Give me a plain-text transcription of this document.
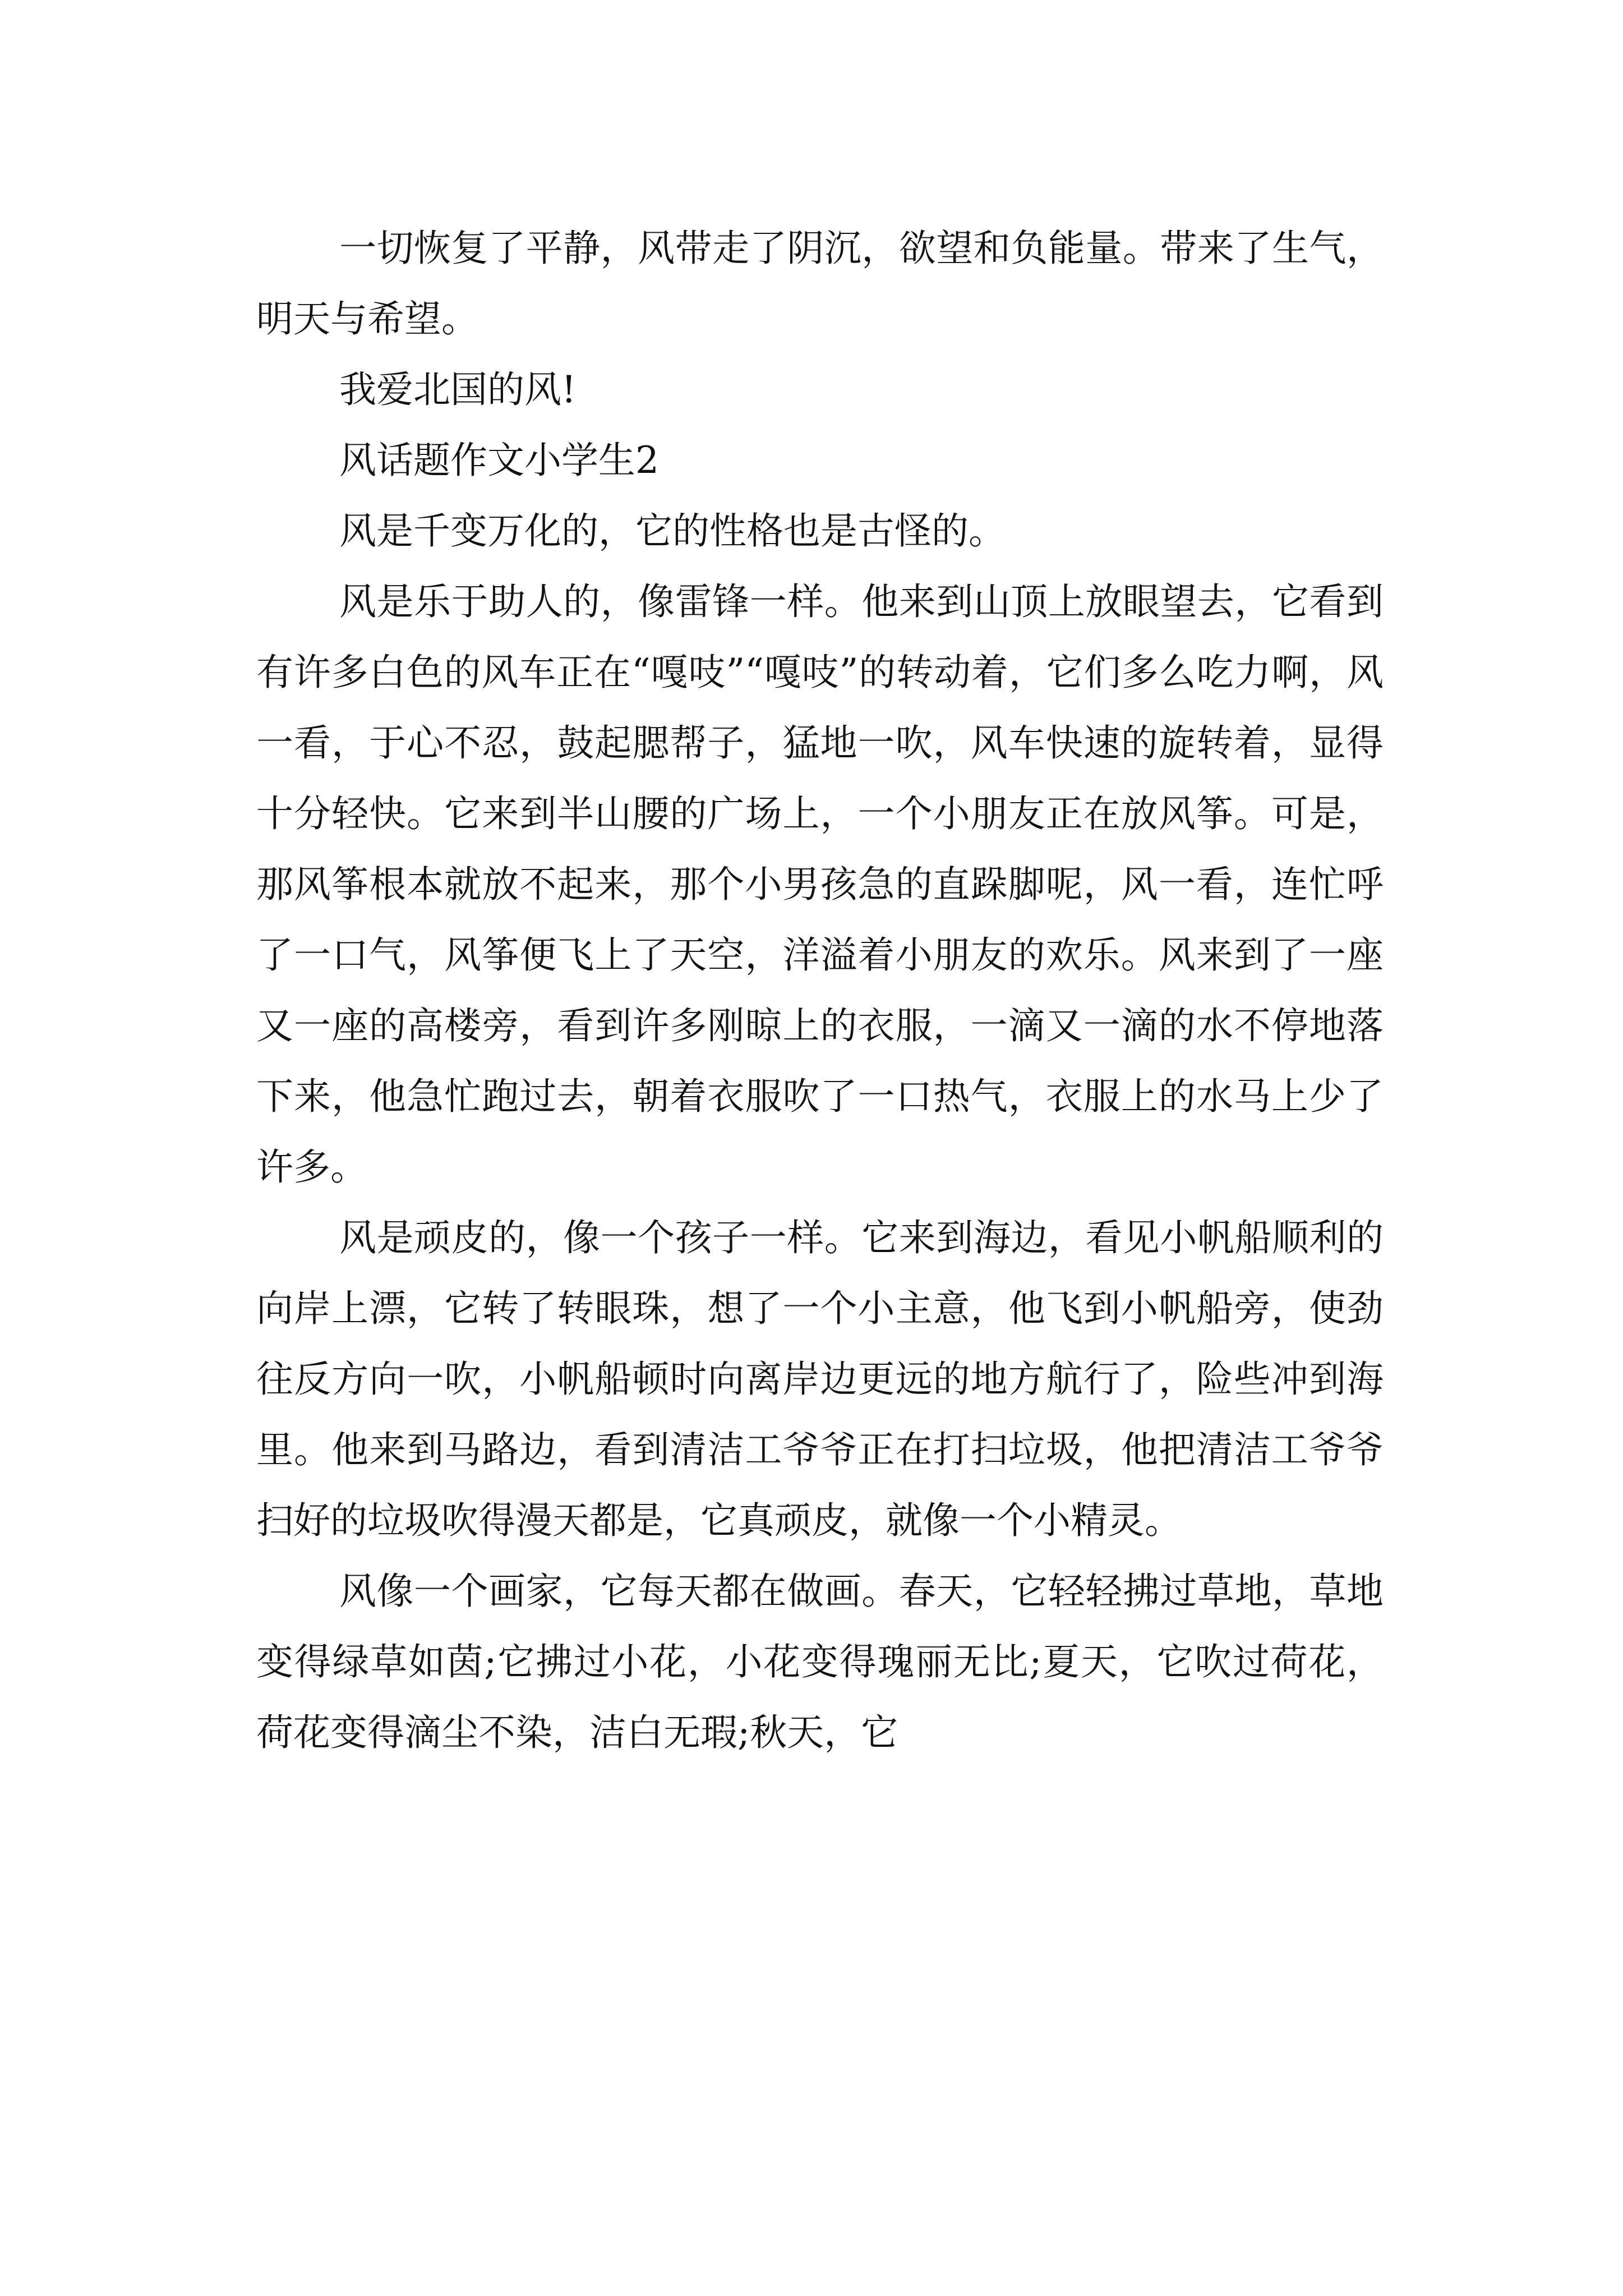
一切恢复了平静，风带走了阴沉，欲望和负能量。带来了生气，明天与希望。

我爱北国的风!

风话题作文小学生2

风是千变万化的，它的性格也是古怪的。

风是乐于助人的，像雷锋一样。他来到山顶上放眼望去，它看到有许多白色的风车正在“嘎吱”“嘎吱”的转动着，它们多么吃力啊，风一看，于心不忍，鼓起腮帮子，猛地一吹，风车快速的旋转着，显得十分轻快。它来到半山腰的广场上，一个小朋友正在放风筝。可是，那风筝根本就放不起来，那个小男孩急的直跺脚呢，风一看，连忙呼了一口气，风筝便飞上了天空，洋溢着小朋友的欢乐。风来到了一座又一座的高楼旁，看到许多刚晾上的衣服，一滴又一滴的水不停地落下来，他急忙跑过去，朝着衣服吹了一口热气，衣服上的水马上少了许多。

风是顽皮的，像一个孩子一样。它来到海边，看见小帆船顺利的向岸上漂，它转了转眼珠，想了一个小主意，他飞到小帆船旁，使劲往反方向一吹，小帆船顿时向离岸边更远的地方航行了，险些冲到海里。他来到马路边，看到清洁工爷爷正在打扫垃圾，他把清洁工爷爷扫好的垃圾吹得漫天都是，它真顽皮，就像一个小精灵。

风像一个画家，它每天都在做画。春天，它轻轻拂过草地，草地变得绿草如茵;它拂过小花，小花变得瑰丽无比;夏天，它吹过荷花，荷花变得滴尘不染，洁白无瑕;秋天，它
